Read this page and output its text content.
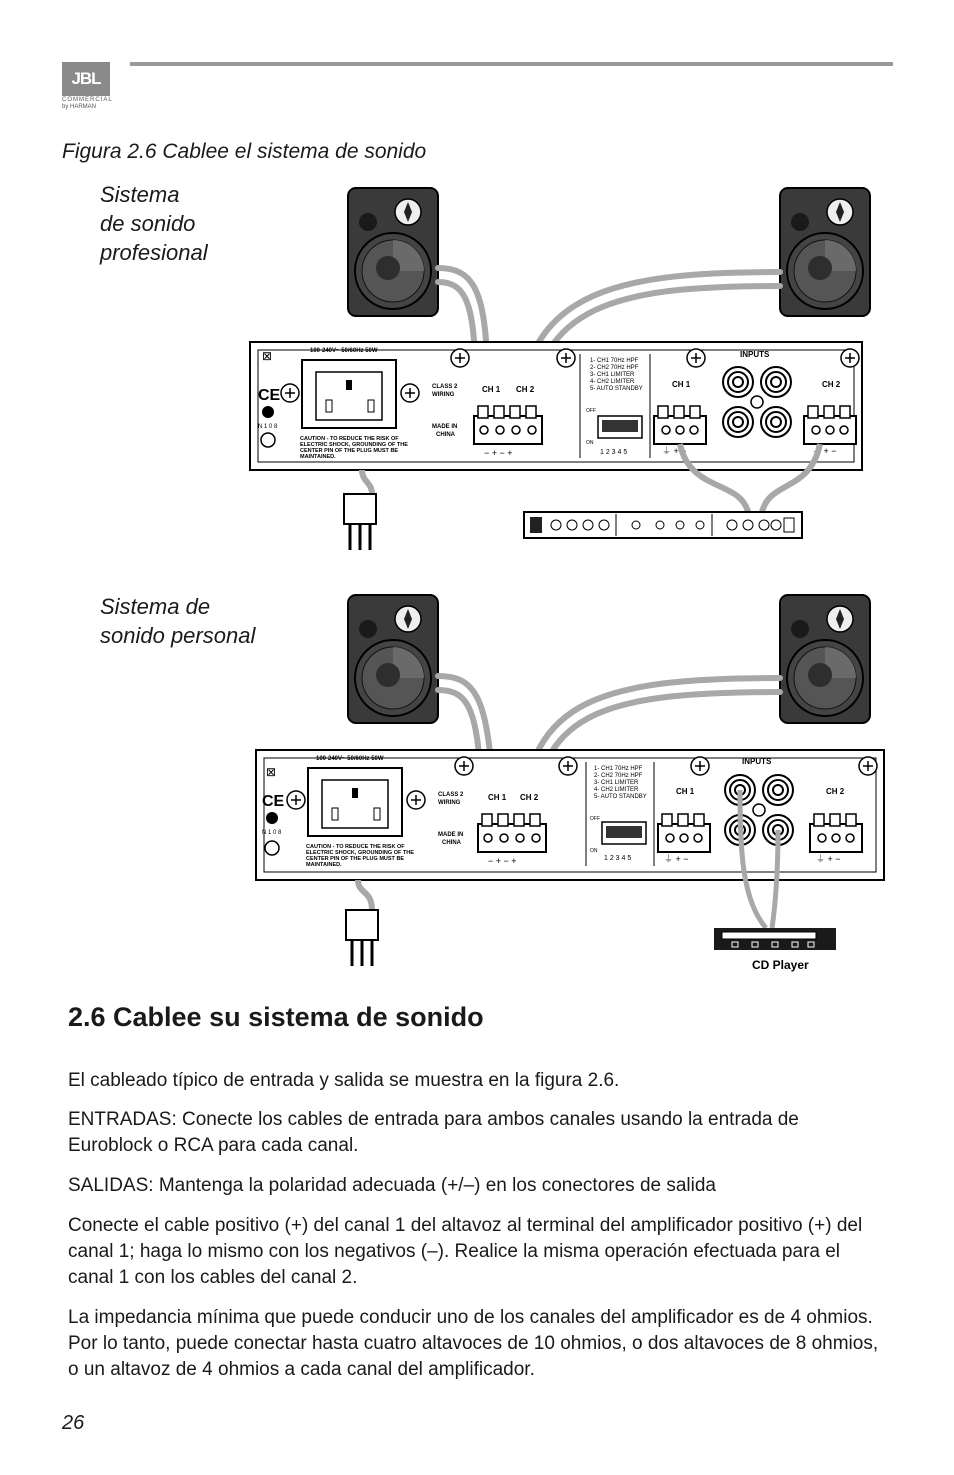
JBL
COMMERCIAL
by HARMAN
Figura 2.6 Cablee el sistema de sonido
Sistema
de sonido
profesional
Sistema de
sonido personal
100-240V~ 50/60Hz 50W
⊠
CE
N 1 0 8
CAUTION - TO REDUCE THE RISK OF
ELECTRIC SHOCK, GROUNDING OF THE
CENTER PIN OF THE PLUG MUST BE
MAINTAINED.
CLASS 2
WIRING
MADE IN
CHINA
CH 1 CH 2
− + − +
1- CH1 70Hz HPF
2- CH2 70Hz HPF
3- CH1 LIMITER
4- CH2 LIMITER
5- AUTO STANDBY
OFF
ON
1 2 3 4 5
CH 1
⏚ + −
INPUTS
CH 2
⏚ + −
100-240V~ 50/60Hz 50W
⊠
CE
N 1 0 8
CAUTION - TO REDUCE THE RISK OF
ELECTRIC SHOCK, GROUNDING OF THE
CENTER PIN OF THE PLUG MUST BE
MAINTAINED.
CLASS 2
WIRING
MADE IN
CHINA
CH 1 CH 2
− + − +
1- CH1 70Hz HPF
2- CH2 70Hz HPF
3- CH1 LIMITER
4- CH2 LIMITER
5- AUTO STANDBY
OFF
ON
1 2 3 4 5
CH 1
⏚ + −
INPUTS
CH 2
⏚ + −
CD Player
2.6 Cablee su sistema de sonido
El cableado típico de entrada y salida se muestra en la figura 2.6.
ENTRADAS: Conecte los cables de entrada para ambos canales usando la entrada de Euroblock o RCA para cada canal.
SALIDAS: Mantenga la polaridad adecuada (+/–) en los conectores de salida
Conecte el cable positivo (+) del canal 1 del altavoz al terminal del amplificador positivo (+) del canal 1; haga lo mismo con los negativos (–). Realice la misma operación efectuada para el canal 1 con los cables del canal 2.
La impedancia mínima que puede conducir uno de los canales del amplificador es de 4 ohmios. Por lo tanto, puede conectar hasta cuatro altavoces de 10 ohmios, o dos altavoces de 8 ohmios, o un altavoz de 4 ohmios a cada canal del amplificador.
26
